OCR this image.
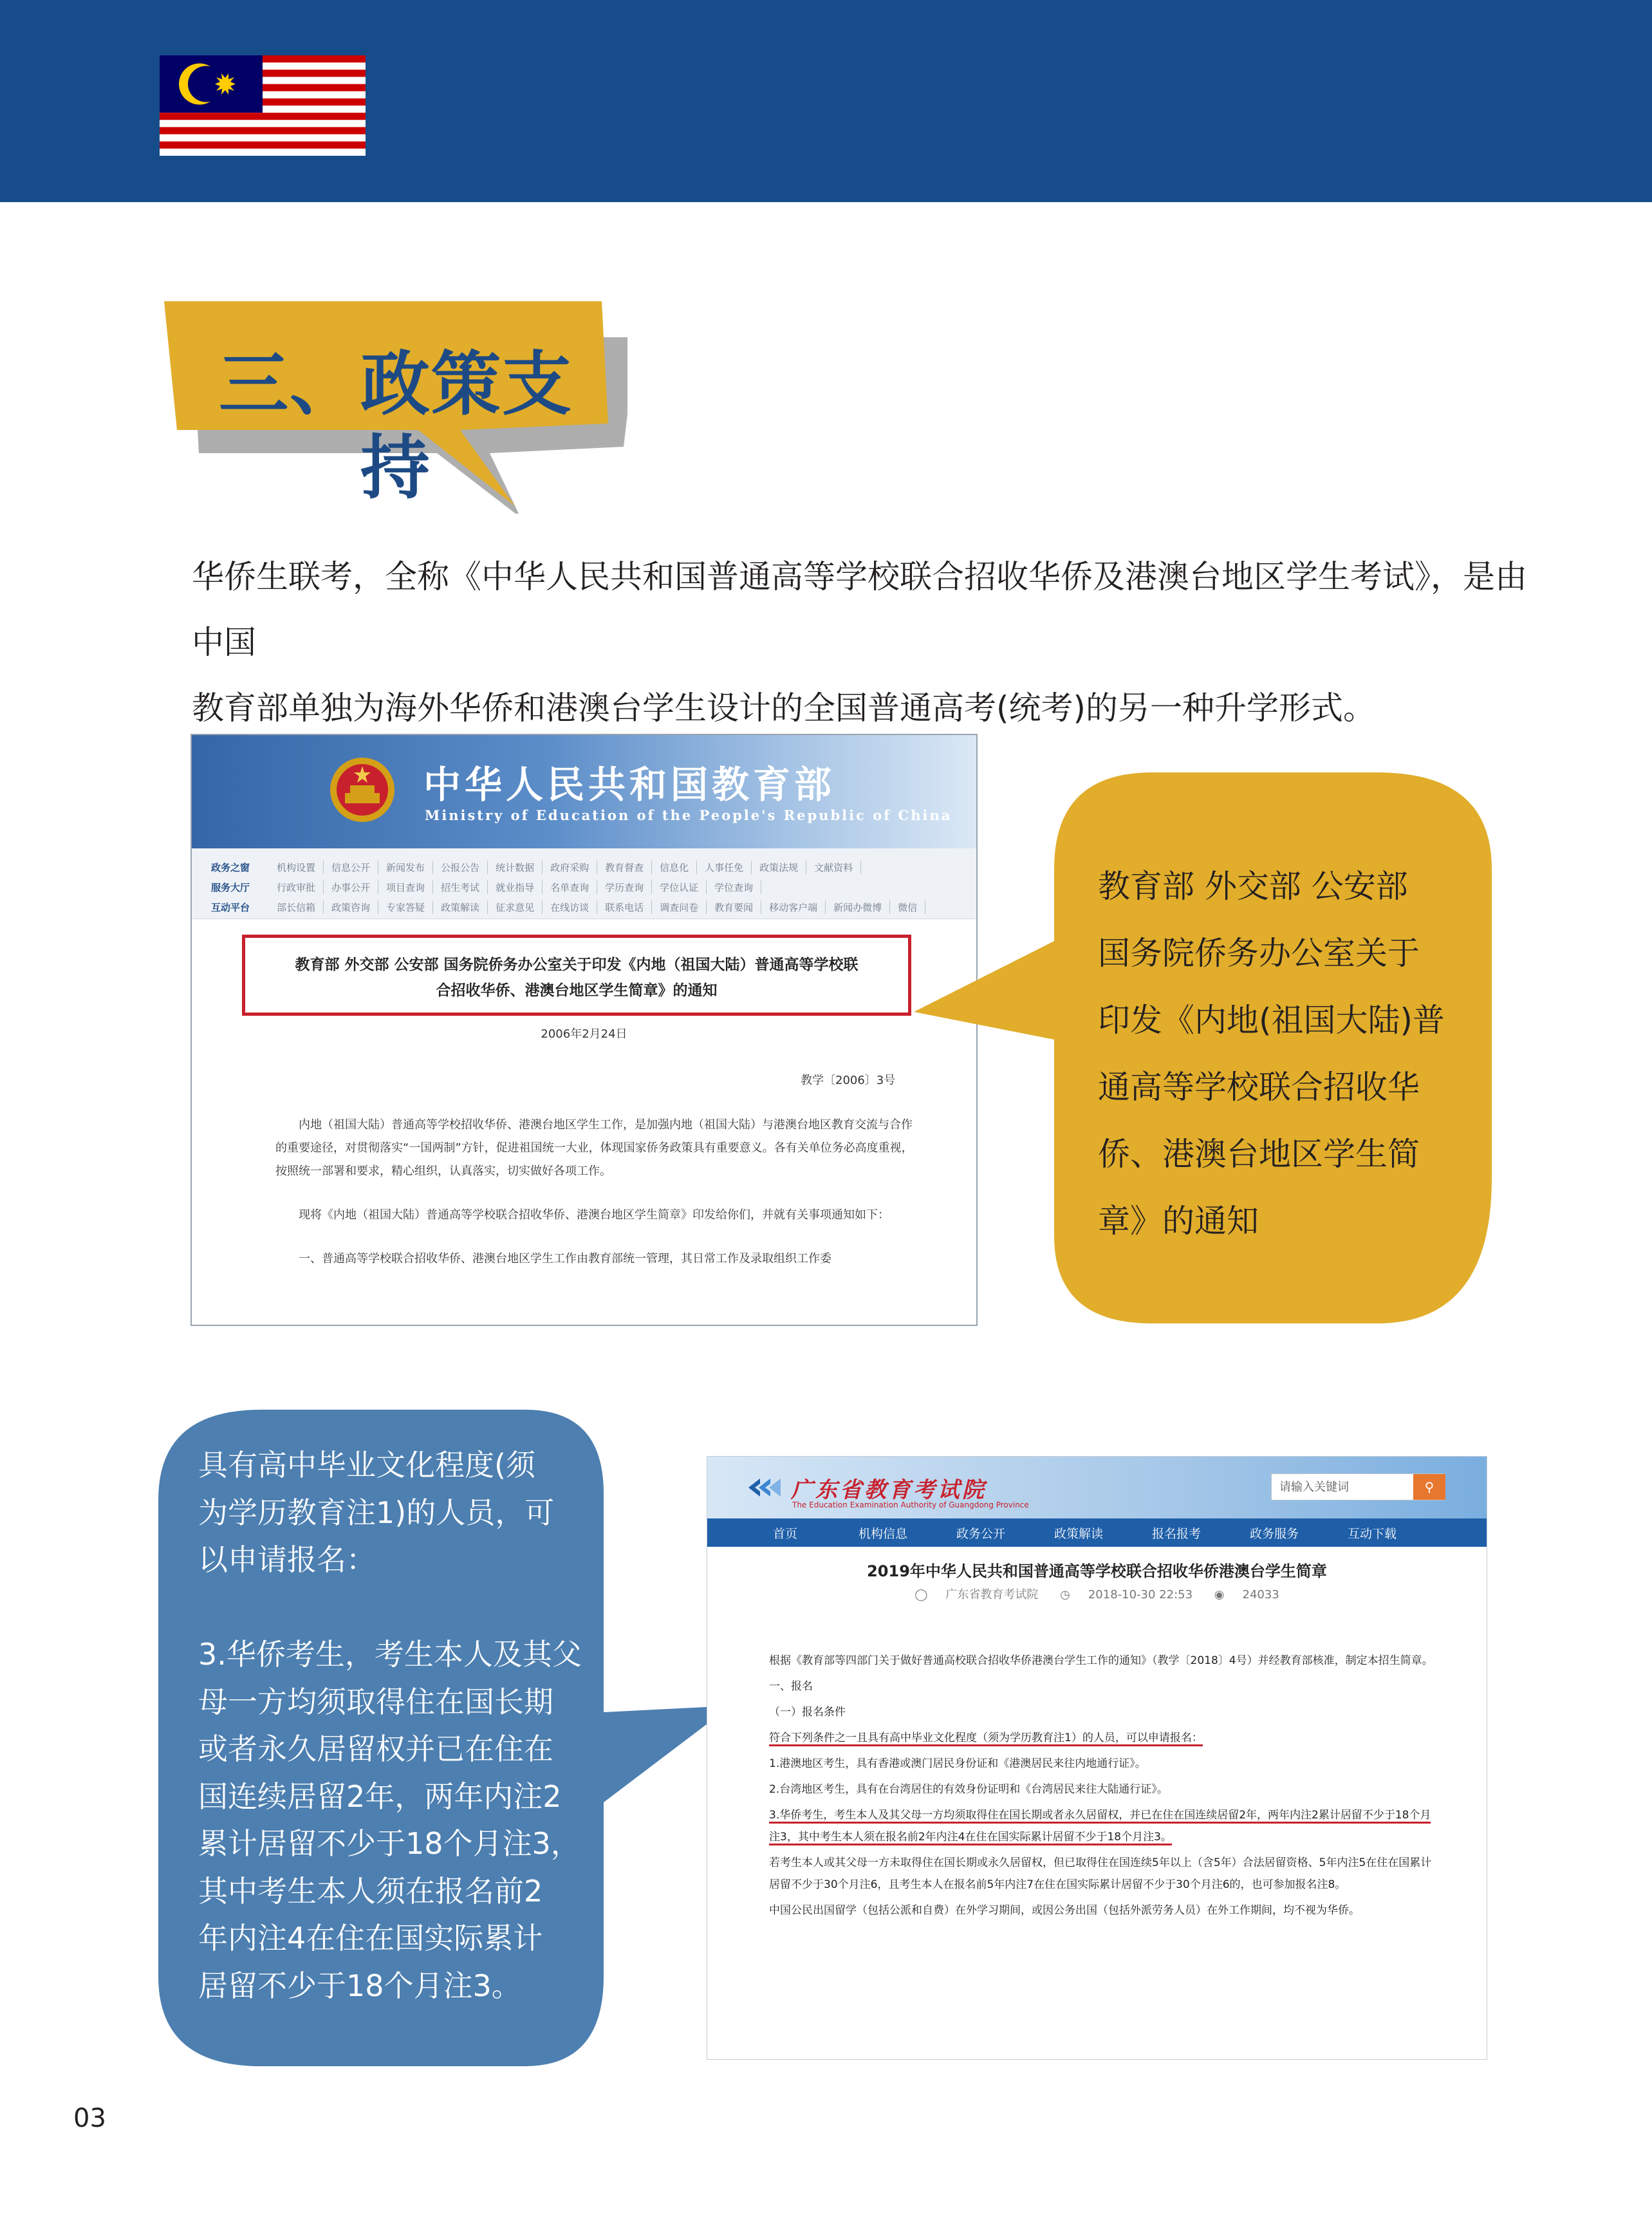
三、政策支持
华侨生联考，全称《中华人民共和国普通高等学校联合招收华侨及港澳台地区学生考试》，是由中国
教育部单独为海外华侨和港澳台学生设计的全国普通高考(统考)的另一种升学形式。
中华人民共和国教育部
Ministry of Education of the People's Republic of China
政务之窗	机构设置	信息公开	新闻发布	公报公告	统计数据	政府采购	教育督查	信息化	人事任免	政策法规	文献资料
服务大厅	行政审批	办事公开	项目查询	招生考试	就业指导	名单查询	学历查询	学位认证	学位查询
互动平台	部长信箱	政策咨询	专家答疑	政策解读	征求意见	在线访谈	联系电话	调查问卷	教育要闻	移动客户端	新闻办微博	微信
教育部 外交部 公安部 国务院侨务办公室关于印发《内地（祖国大陆）普通高等学校联
合招收华侨、港澳台地区学生简章》的通知
2006年2月24日
教学〔2006〕3号

内地（祖国大陆）普通高等学校招收华侨、港澳台地区学生工作，是加强内地（祖国大陆）与港澳台地区教育交流与合作的重要途径，对贯彻落实“一国两制”方针，促进祖国统一大业，体现国家侨务政策具有重要意义。各有关单位务必高度重视，按照统一部署和要求，精心组织，认真落实，切实做好各项工作。

现将《内地（祖国大陆）普通高等学校联合招收华侨、港澳台地区学生简章》印发给你们，并就有关事项通知如下：

一、普通高等学校联合招收华侨、港澳台地区学生工作由教育部统一管理，其日常工作及录取组织工作委

教育部 外交部 公安部
国务院侨务办公室关于
印发《内地(祖国大陆)普
通高等学校联合招收华
侨、港澳台地区学生简
章》的通知

具有高中毕业文化程度(须
为学历教育注1)的人员，可
以申请报名：

3.华侨考生，考生本人及其父
母一方均须取得住在国长期
或者永久居留权并已在住在
国连续居留2年，两年内注2
累计居留不少于18个月注3，
其中考生本人须在报名前2
年内注4在住在国实际累计
居留不少于18个月注3。
广东省教育考试院
The Education Examination Authority of Guangdong Province
请输入关键词
⚲
首页	机构信息	政务公开	政策解读	报名报考	政务服务	互动下载
2019年中华人民共和国普通高等学校联合招收华侨港澳台学生简章
◯ 广东省教育考试院 ◷ 2018-10-30 22:53 ◉ 24033

根据《教育部等四部门关于做好普通高校联合招收华侨港澳台学生工作的通知》（教学〔2018〕4号）并经教育部核准，制定本招生简章。

一、报名

（一）报名条件

符合下列条件之一且具有高中毕业文化程度（须为学历教育注1）的人员，可以申请报名：

1.港澳地区考生，具有香港或澳门居民身份证和《港澳居民来往内地通行证》。

2.台湾地区考生，具有在台湾居住的有效身份证明和《台湾居民来往大陆通行证》。

3.华侨考生，考生本人及其父母一方均须取得住在国长期或者永久居留权，并已在住在国连续居留2年，两年内注2累计居留不少于18个月注3，其中考生本人须在报名前2年内注4在住在国实际累计居留不少于18个月注3。

若考生本人或其父母一方未取得住在国长期或永久居留权，但已取得住在国连续5年以上（含5年）合法居留资格、5年内注5在住在国累计居留不少于30个月注6，且考生本人在报名前5年内注7在住在国实际累计居留不少于30个月注6的，也可参加报名注8。

中国公民出国留学（包括公派和自费）在外学习期间，或因公务出国（包括外派劳务人员）在外工作期间，均不视为华侨。

03
